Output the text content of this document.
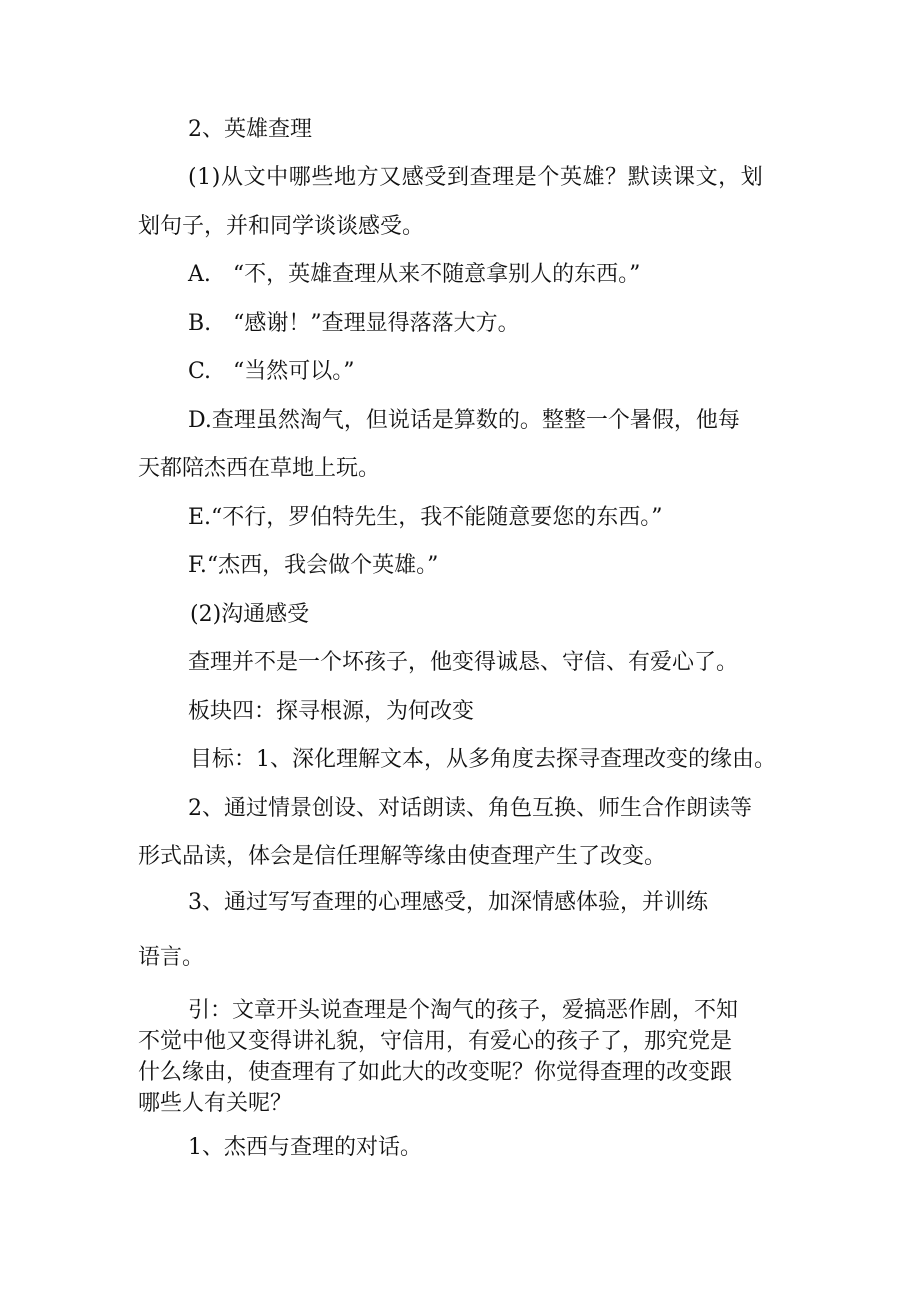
2、英雄查理
(1)从文中哪些地方又感受到查理是个英雄？默读课文，划
划句子，并和同学谈谈感受。
A.　“不，英雄查理从来不随意拿别人的东西。”
B.　“感谢！”查理显得落落大方。
C.　“当然可以。”
D.查理虽然淘气，但说话是算数的。整整一个暑假，他每
天都陪杰西在草地上玩。
E.“不行，罗伯特先生，我不能随意要您的东西。”
F.“杰西，我会做个英雄。”
(2)沟通感受
查理并不是一个坏孩子，他变得诚恳、守信、有爱心了。
板块四：探寻根源，为何改变
目标：1、深化理解文本，从多角度去探寻查理改变的缘由。
2、通过情景创设、对话朗读、角色互换、师生合作朗读等
形式品读，体会是信任理解等缘由使查理产生了改变。
3、通过写写查理的心理感受，加深情感体验，并训练
语言。
引：文章开头说查理是个淘气的孩子，爱搞恶作剧，不知
不觉中他又变得讲礼貌，守信用，有爱心的孩子了，那究党是
什么缘由，使查理有了如此大的改变呢？你觉得查理的改变跟
哪些人有关呢？
1、杰西与查理的对话。
